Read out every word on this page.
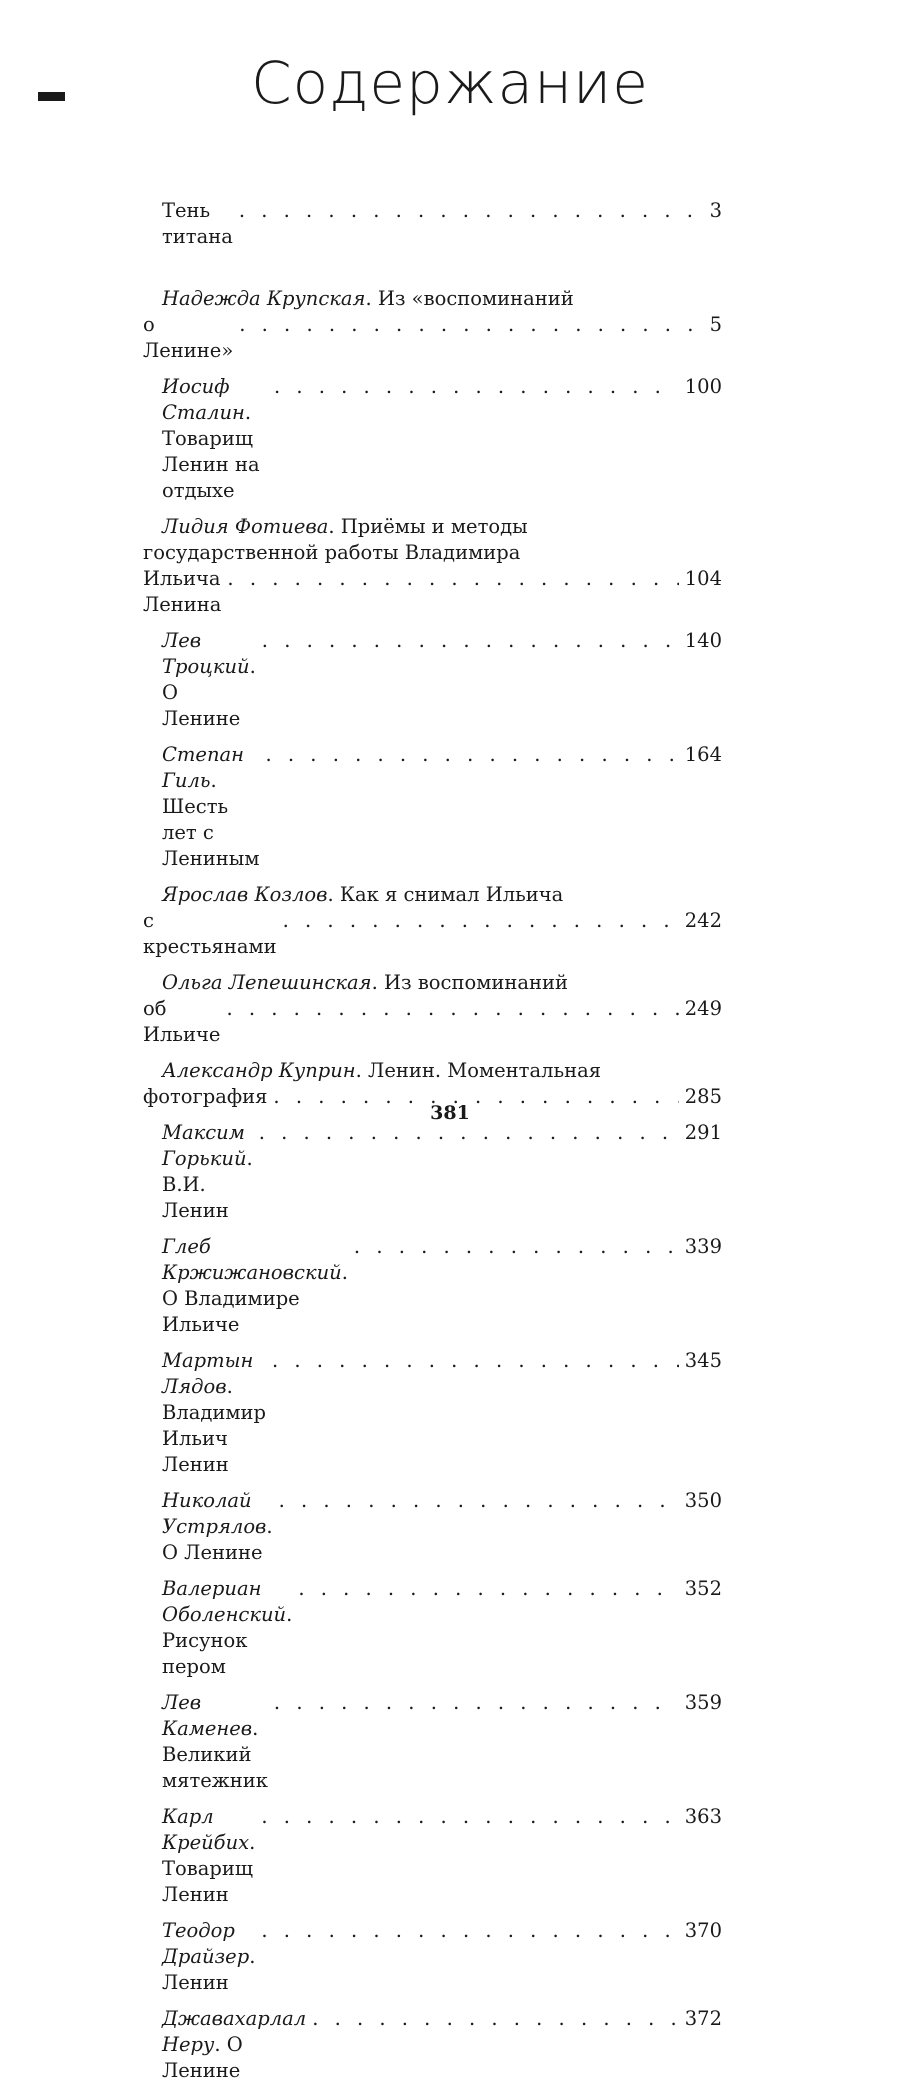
Содержание
Тень титана
. . .
3
Надежда Крупская. Из «воспоминаний
о Ленине»
. . .
5
Иосиф Сталин. Товарищ Ленин на отдыхе
. . .
100
Лидия Фотиева. Приёмы и методы
государственной работы Владимира
Ильича Ленина
. . .
104
Лев Троцкий. О Ленине
. . .
140
Степан Гиль. Шесть лет с Лениным
. . .
164
Ярослав Козлов. Как я снимал Ильича
с крестьянами
. . .
242
Ольга Лепешинская. Из воспоминаний
об Ильиче
. . .
249
Александр Куприн. Ленин. Моментальная
фотография
. . .	285
Максим Горький. В.И. Ленин
. . .
291
Глеб Кржижановский. О Владимире Ильиче
. . .
339
Мартын Лядов. Владимир Ильич Ленин
. . .
345
Николай Устрялов. О Ленине
. . .
350
Валериан Оболенский. Рисунок пером
. . .
352
Лев Каменев. Великий мятежник
. . .
359
Карл Крейбих. Товарищ Ленин
. . .
363
Теодор Драйзер. Ленин
. . .
370
Джавахарлал Неру. О Ленине
. . .
372
381
